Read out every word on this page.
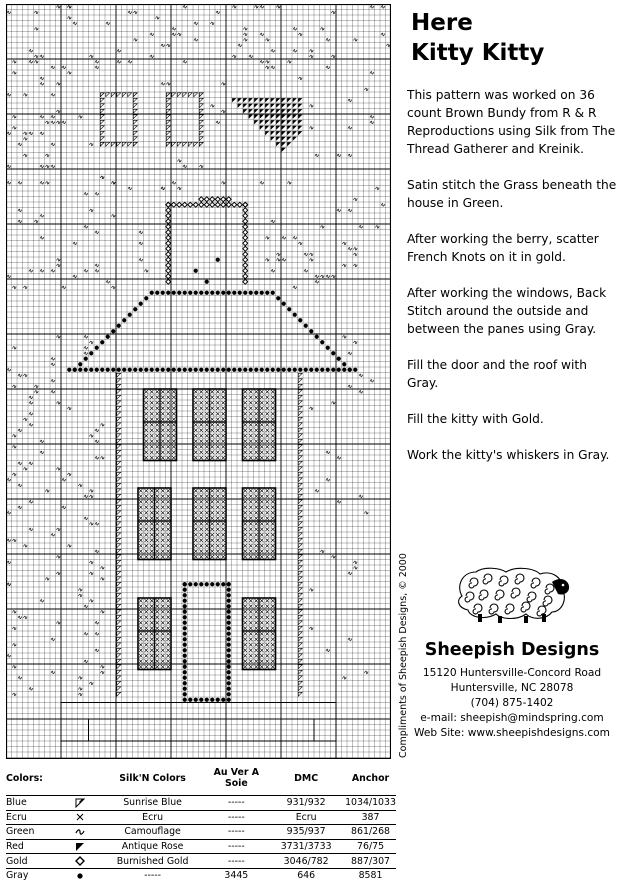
Here
Kitty Kitty

This pattern was worked on 36 count Brown Bundy from R & R Reproductions using Silk from The Thread Gatherer and Kreinik.

Satin stitch the Grass beneath the house in Green.

After working the berry, scatter French Knots on it in gold.

After working the windows, Back Stitch around the outside and between the panes using Gray.

Fill the door and the roof with Gray.

Fill the kitty with Gold.

Work the kitty's whiskers in Gray.

Compliments of Sheepish Designs, © 2000 Sheepish Designs
15120 Huntersville-Concord Road
Huntersville, NC 28078
(704) 875-1402
e-mail: sheepish@mindspring.com
Web Site: www.sheepishdesigns.com
Colors:		Silk'N Colors	Au Ver A Soie	DMC	Anchor
Blue		Sunrise Blue	-----	931/932	1034/1033
Ecru		Ecru	-----	Ecru	387
Green		Camouflage	-----	935/937	861/268
Red		Antique Rose	-----	3731/3733	76/75
Gold		Burnished Gold	-----	3046/782	887/307
Gray		-----	3445	646	8581
